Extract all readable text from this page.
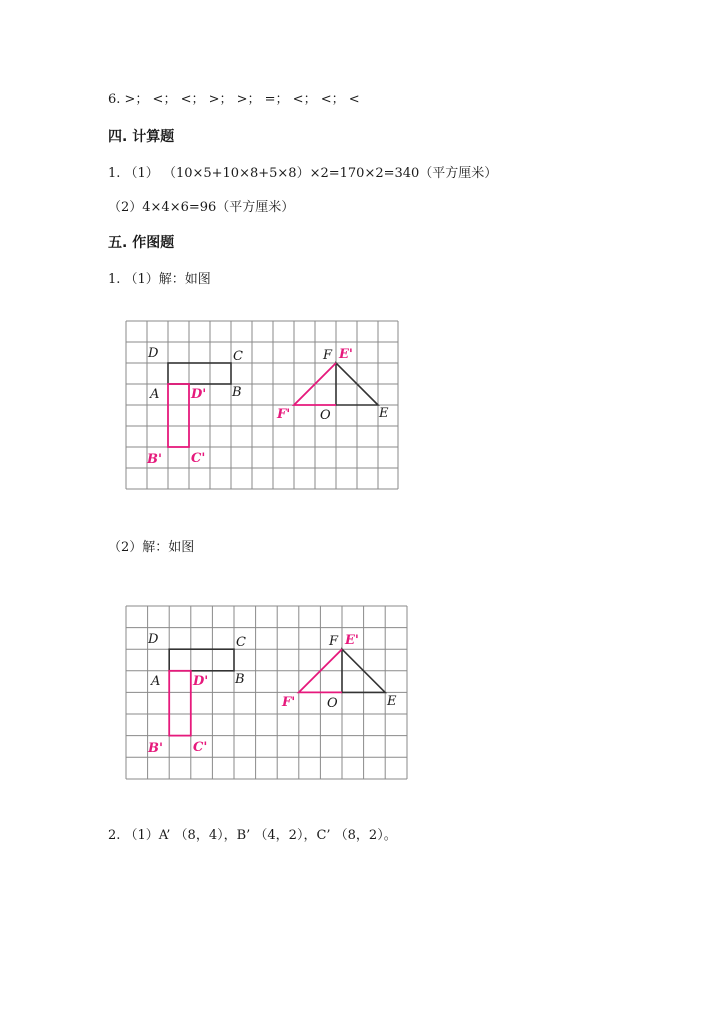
6. >； <； <； >； >； =； <； <； <
四. 计算题
1. （1） （10×5+10×8+5×8）×2=170×2=340（平方厘米）
（2）4×4×6=96（平方厘米）
五. 作图题
1. （1）解：如图
D	C
A	B
D'
B' C'
F E'
F' O	E
（2）解：如图
D	C
A	B
D'
B' C'
F E'
F' O	E
2. （1）A’ （8，4），B’ （4，2），C’ （8，2）。
